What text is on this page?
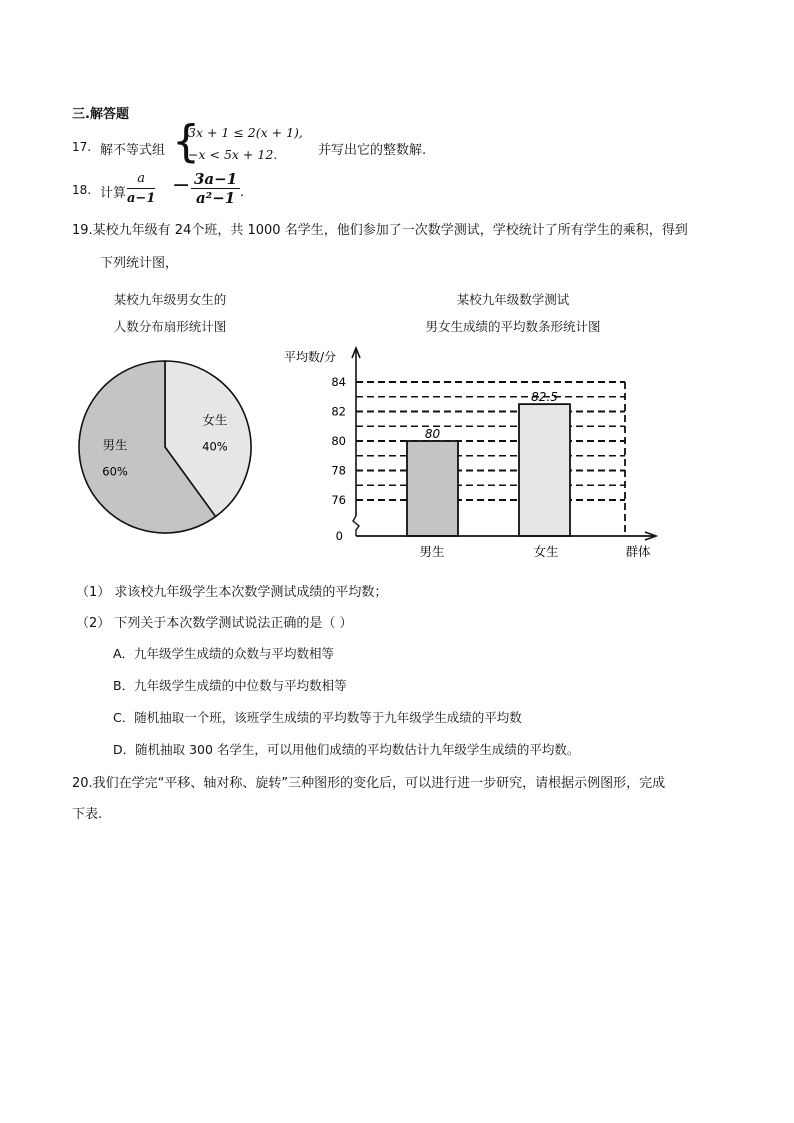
三.解答题
17. 解不等式组 {
3x + 1 ≤ 2(x + 1),
−x < 5x + 12.	并写出它的整数解.
18. 计算 $\frac{a}{a-1} - \frac{3a-1}{\text{a²−1}}$ .
19.某校九年级有 24个班，共 1000 名学生，他们参加了一次数学测试，学校统计了所有学生的乘积，得到
下列统计图，
某校九年级男女生的
人数分布扇形统计图
某校九年级数学测试
男女生成绩的平均数条形统计图
女生
40%
男生
60%
平均数/分
80
82.5
76
78
80
82
84
0
男生	女生	群体
（1） 求该校九年级学生本次数学测试成绩的平均数；
（2） 下列关于本次数学测试说法正确的是（ ）
A．九年级学生成绩的众数与平均数相等
B．九年级学生成绩的中位数与平均数相等
C．随机抽取一个班，该班学生成绩的平均数等于九年级学生成绩的平均数
D．随机抽取 300 名学生，可以用他们成绩的平均数估计九年级学生成绩的平均数。
20.我们在学完“平移、轴对称、旋转”三种图形的变化后，可以进行进一步研究，请根据示例图形，完成
下表.
